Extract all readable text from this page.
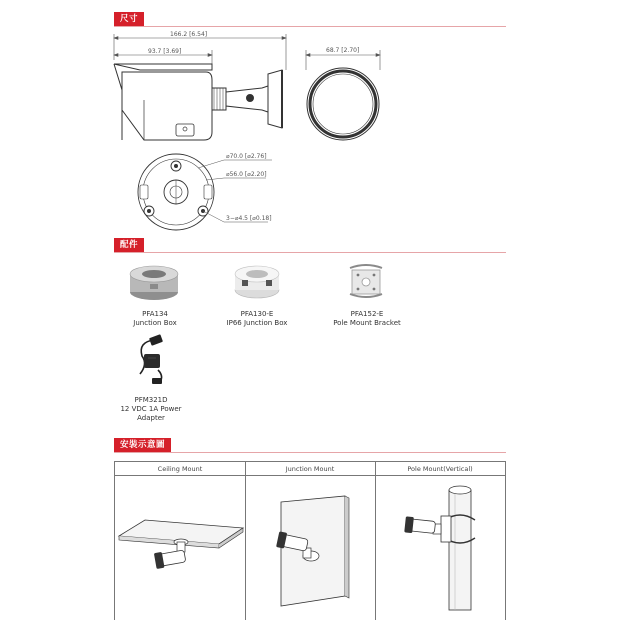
尺寸
166.2 [6.54]
93.7 [3.69]	68.7 [2.70]
⌀70.0 [⌀2.76]
⌀56.0 [⌀2.20]
3−⌀4.5 [⌀0.18]
配件
PFA134
Junction Box
PFA130-E
IP66 Junction Box
PFA152-E
Pole Mount Bracket
PFM321D
12 VDC 1A Power
Adapter
安裝示意圖
Ceiling Mount	Junction Mount	Pole Mount(Vertical)
